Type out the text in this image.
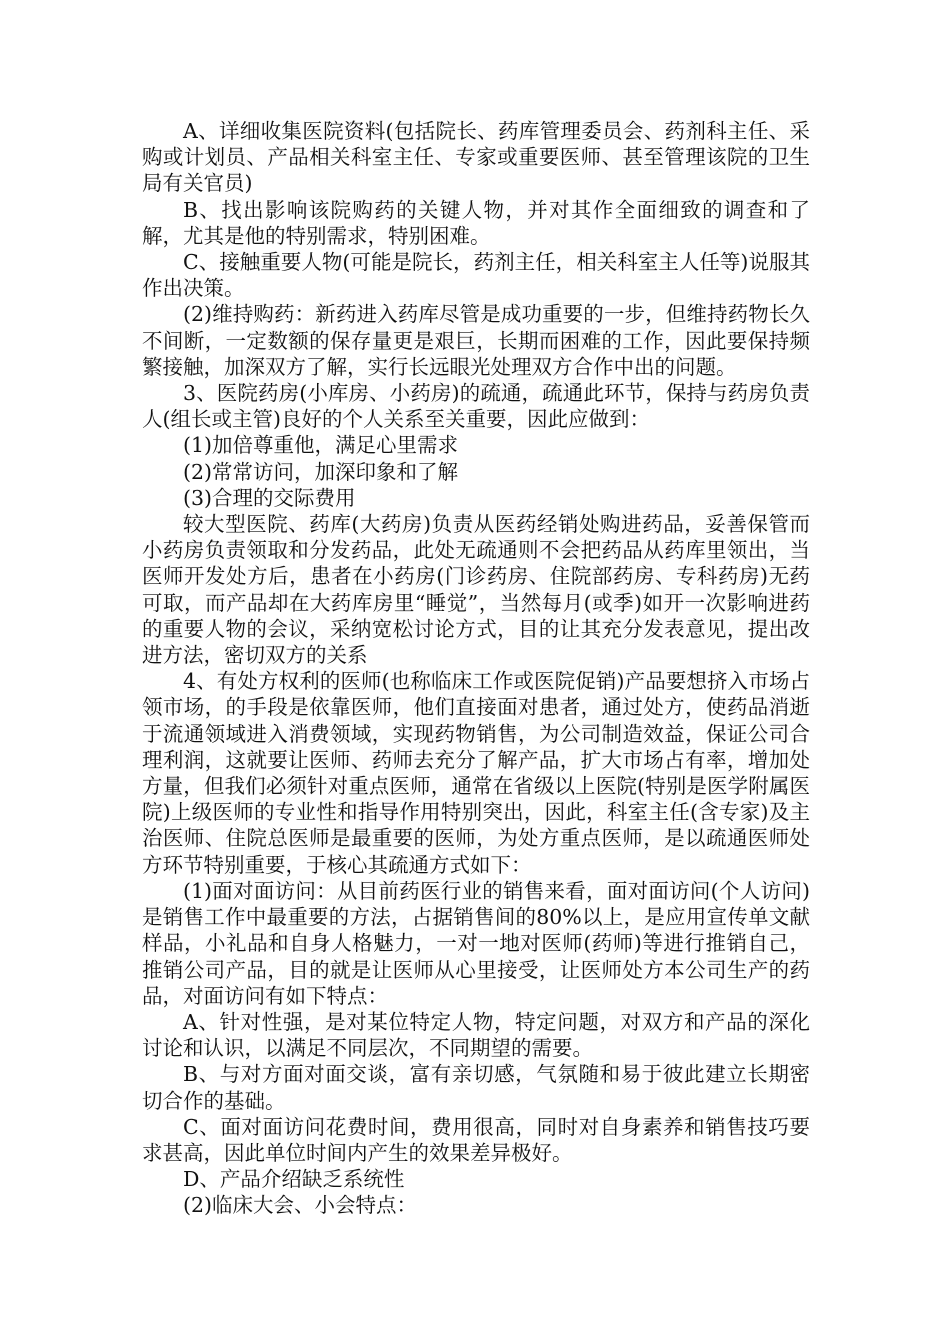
A、详细收集医院资料(包括院长、药库管理委员会、药剂科主任、采购或计划员、产品相关科室主任、专家或重要医师、甚至管理该院的卫生局有关官员)

B、找出影响该院购药的关键人物，并对其作全面细致的调查和了解，尤其是他的特别需求，特别困难。

C、接触重要人物(可能是院长，药剂主任，相关科室主人任等)说服其作出决策。

(2)维持购药：新药进入药库尽管是成功重要的一步，但维持药物长久不间断，一定数额的保存量更是艰巨，长期而困难的工作，因此要保持频繁接触，加深双方了解，实行长远眼光处理双方合作中出的问题。

3、医院药房(小库房、小药房)的疏通，疏通此环节，保持与药房负责人(组长或主管)良好的个人关系至关重要，因此应做到：

(1)加倍尊重他，满足心里需求

(2)常常访问，加深印象和了解

(3)合理的交际费用

较大型医院、药库(大药房)负责从医药经销处购进药品，妥善保管而小药房负责领取和分发药品，此处无疏通则不会把药品从药库里领出，当医师开发处方后，患者在小药房(门诊药房、住院部药房、专科药房)无药可取，而产品却在大药库房里“睡觉”，当然每月(或季)如开一次影响进药的重要人物的会议，采纳宽松讨论方式，目的让其充分发表意见，提出改进方法，密切双方的关系

4、有处方权利的医师(也称临床工作或医院促销)产品要想挤入市场占领市场，的手段是依靠医师，他们直接面对患者，通过处方，使药品消逝于流通领域进入消费领域，实现药物销售，为公司制造效益，保证公司合理利润，这就要让医师、药师去充分了解产品，扩大市场占有率，增加处方量，但我们必须针对重点医师，通常在省级以上医院(特别是医学附属医院)上级医师的专业性和指导作用特别突出，因此，科室主任(含专家)及主治医师、住院总医师是最重要的医师，为处方重点医师，是以疏通医师处方环节特别重要，于核心其疏通方式如下：

(1)面对面访问：从目前药医行业的销售来看，面对面访问(个人访问)是销售工作中最重要的方法，占据销售间的80%以上，是应用宣传单文献样品，小礼品和自身人格魅力，一对一地对医师(药师)等进行推销自己，推销公司产品，目的就是让医师从心里接受，让医师处方本公司生产的药品，对面访问有如下特点：

A、针对性强，是对某位特定人物，特定问题，对双方和产品的深化讨论和认识，以满足不同层次，不同期望的需要。

B、与对方面对面交谈，富有亲切感，气氛随和易于彼此建立长期密切合作的基础。

C、面对面访问花费时间，费用很高，同时对自身素养和销售技巧要求甚高，因此单位时间内产生的效果差异极好。

D、产品介绍缺乏系统性

(2)临床大会、小会特点：
